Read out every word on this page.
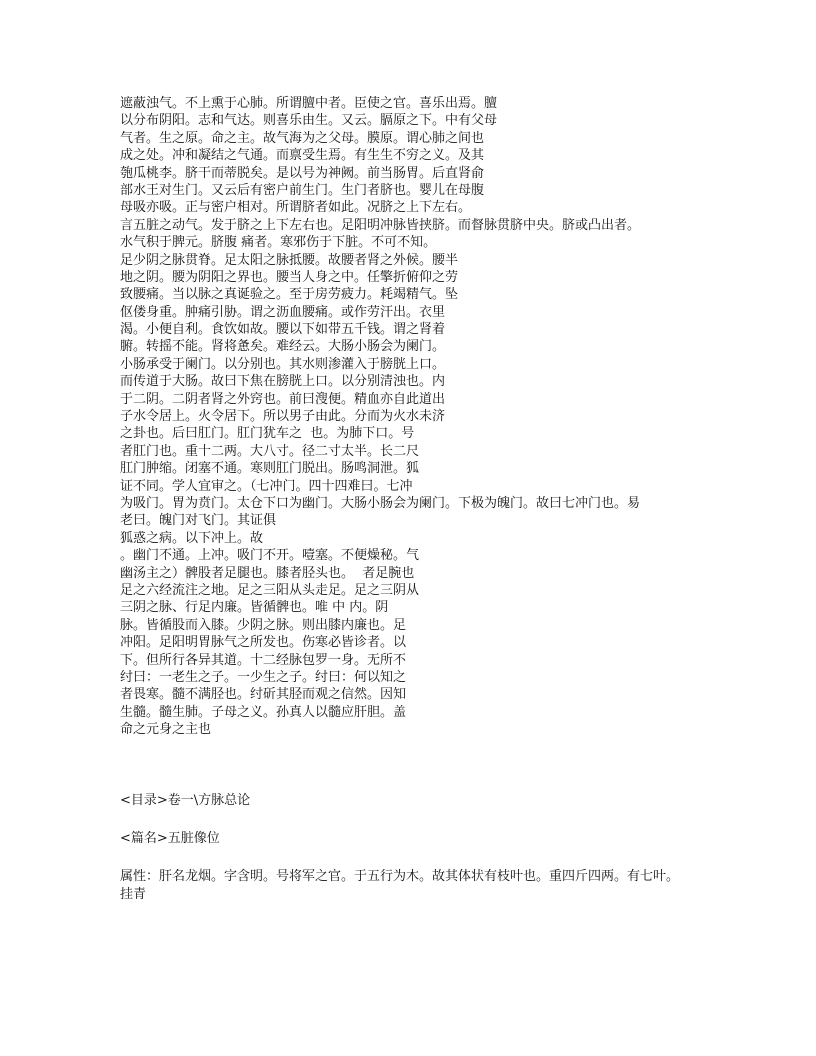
遮蔽浊气。不上熏于心肺。所谓膻中者。臣使之官。喜乐出焉。膻
以分布阴阳。志和气达。则喜乐由生。又云。膈原之下。中有父母
气者。生之原。命之主。故气海为之父母。膜原。谓心肺之间也
成之处。冲和凝结之气通。而禀受生焉。有生生不穷之义。及其
匏瓜桃李。脐干而蒂脱矣。是以号为神阙。前当肠胃。后直肾俞
部水王对生门。又云后有密户前生门。生门者脐也。婴儿在母腹
母吸亦吸。正与密户相对。所谓脐者如此。况脐之上下左右。
言五脏之动气。发于脐之上下左右也。足阳明冲脉皆挟脐。而督脉贯脐中央。脐或凸出者。
水气积于脾元。脐腹 痛者。寒邪伤于下脏。不可不知。
足少阴之脉贯脊。足太阳之脉抵腰。故腰者肾之外候。腰半
地之阴。腰为阴阳之界也。腰当人身之中。任擎折俯仰之劳
致腰痛。当以脉之真诞验之。至于房劳疲力。耗竭精气。坠
伛偻身重。肿痛引胁。谓之沥血腰痛。或作劳汗出。衣里
渴。小便自利。食饮如故。腰以下如带五千钱。谓之肾着
腑。转摇不能。肾将惫矣。难经云。大肠小肠会为阑门。
小肠承受于阑门。以分别也。其水则渗灌入于膀胱上口。
而传道于大肠。故曰下焦在膀胱上口。以分别清浊也。内
于二阴。二阴者肾之外窍也。前曰溲便。精血亦自此道出
子水令居上。火令居下。所以男子由此。分而为火水未济
之卦也。后曰肛门。肛门犹车之  也。为肺下口。号
者肛门也。重十二两。大八寸。径二寸太半。长二尺
肛门肿缩。闭塞不通。寒则肛门脱出。肠鸣洞泄。狐
证不同。学人宜审之。（七冲门。四十四难曰。七冲
为吸门。胃为贲门。太仓下口为幽门。大肠小肠会为阑门。下极为魄门。故曰七冲门也。易
老曰。魄门对飞门。其证俱
狐惑之病。以下冲上。故
。幽门不通。上冲。吸门不开。噎塞。不便燥秘。气
幽汤主之）髀股者足腿也。膝者胫头也。  者足腕也
足之六经流注之地。足之三阳从头走足。足之三阴从
三阴之脉、行足内廉。皆循髀也。唯 中 内。阴
脉。皆循股而入膝。少阴之脉。则出膝内廉也。足
冲阳。足阳明胃脉气之所发也。伤寒必皆诊者。以
下。但所行各异其道。十二经脉包罗一身。无所不
纣曰：一老生之子。一少生之子。纣曰：何以知之
者畏寒。髓不满胫也。纣斫其胫而观之信然。因知
生髓。髓生肺。子母之义。孙真人以髓应肝胆。盖
命之元身之主也

<目录>卷一\方脉总论

<篇名>五脏像位

属性：肝名龙烟。字含明。号将军之官。于五行为木。故其体状有枝叶也。重四斤四两。有七叶。

挂青
